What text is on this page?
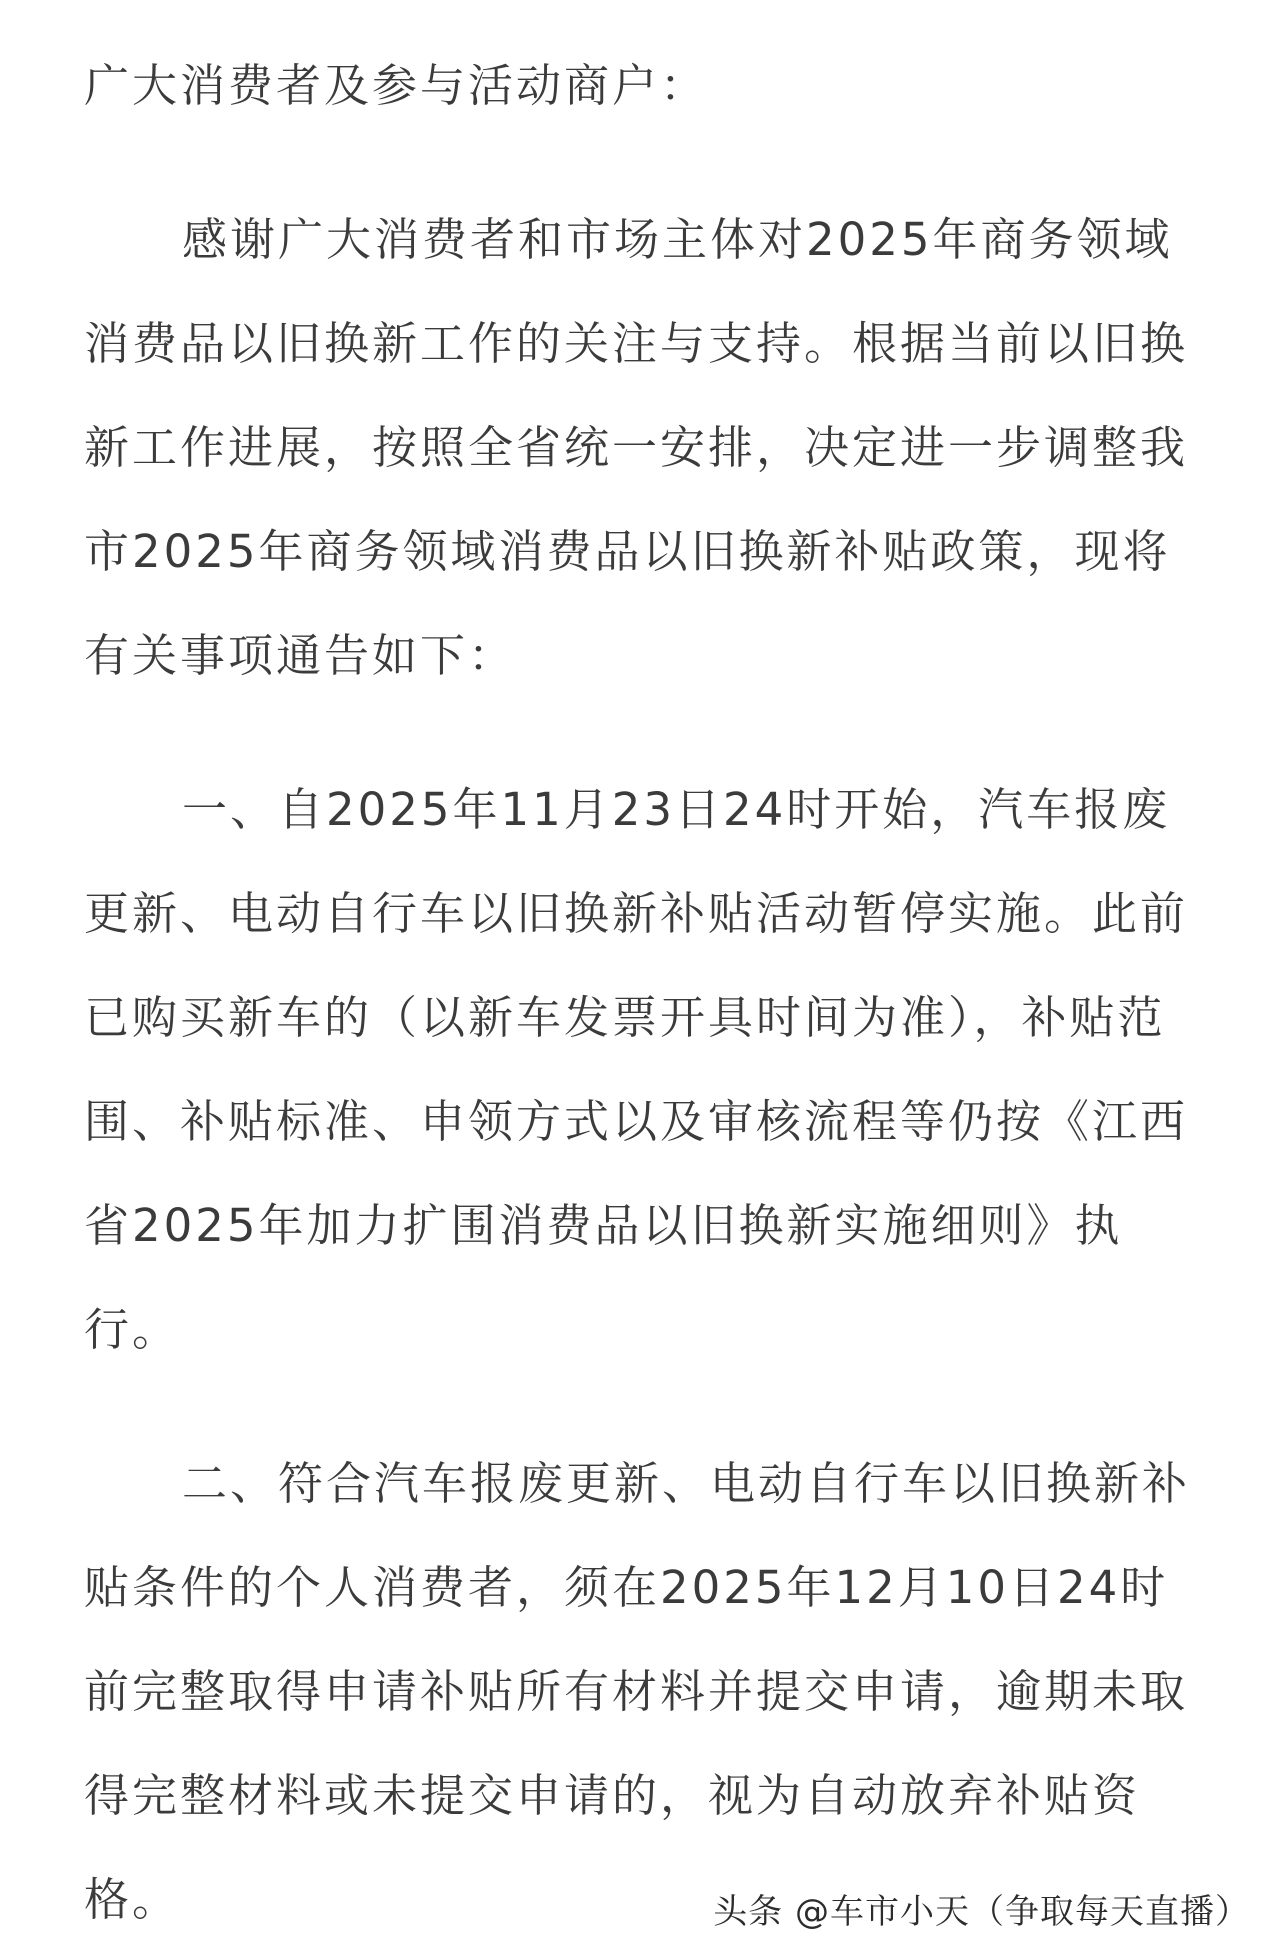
广大消费者及参与活动商户：

感谢广大消费者和市场主体对2025年商务领域
消费品以旧换新工作的关注与支持。根据当前以旧换
新工作进展，按照全省统一安排，决定进一步调整我
市2025年商务领域消费品以旧换新补贴政策，现将
有关事项通告如下：

一、自2025年11月23日24时开始，汽车报废
更新、电动自行车以旧换新补贴活动暂停实施。此前
已购买新车的（以新车发票开具时间为准），补贴范
围、补贴标准、申领方式以及审核流程等仍按《江西
省2025年加力扩围消费品以旧换新实施细则》执
行。

二、符合汽车报废更新、电动自行车以旧换新补
贴条件的个人消费者，须在2025年12月10日24时
前完整取得申请补贴所有材料并提交申请，逾期未取
得完整材料或未提交申请的，视为自动放弃补贴资
格。	头条 @车市小天（争取每天直播）
